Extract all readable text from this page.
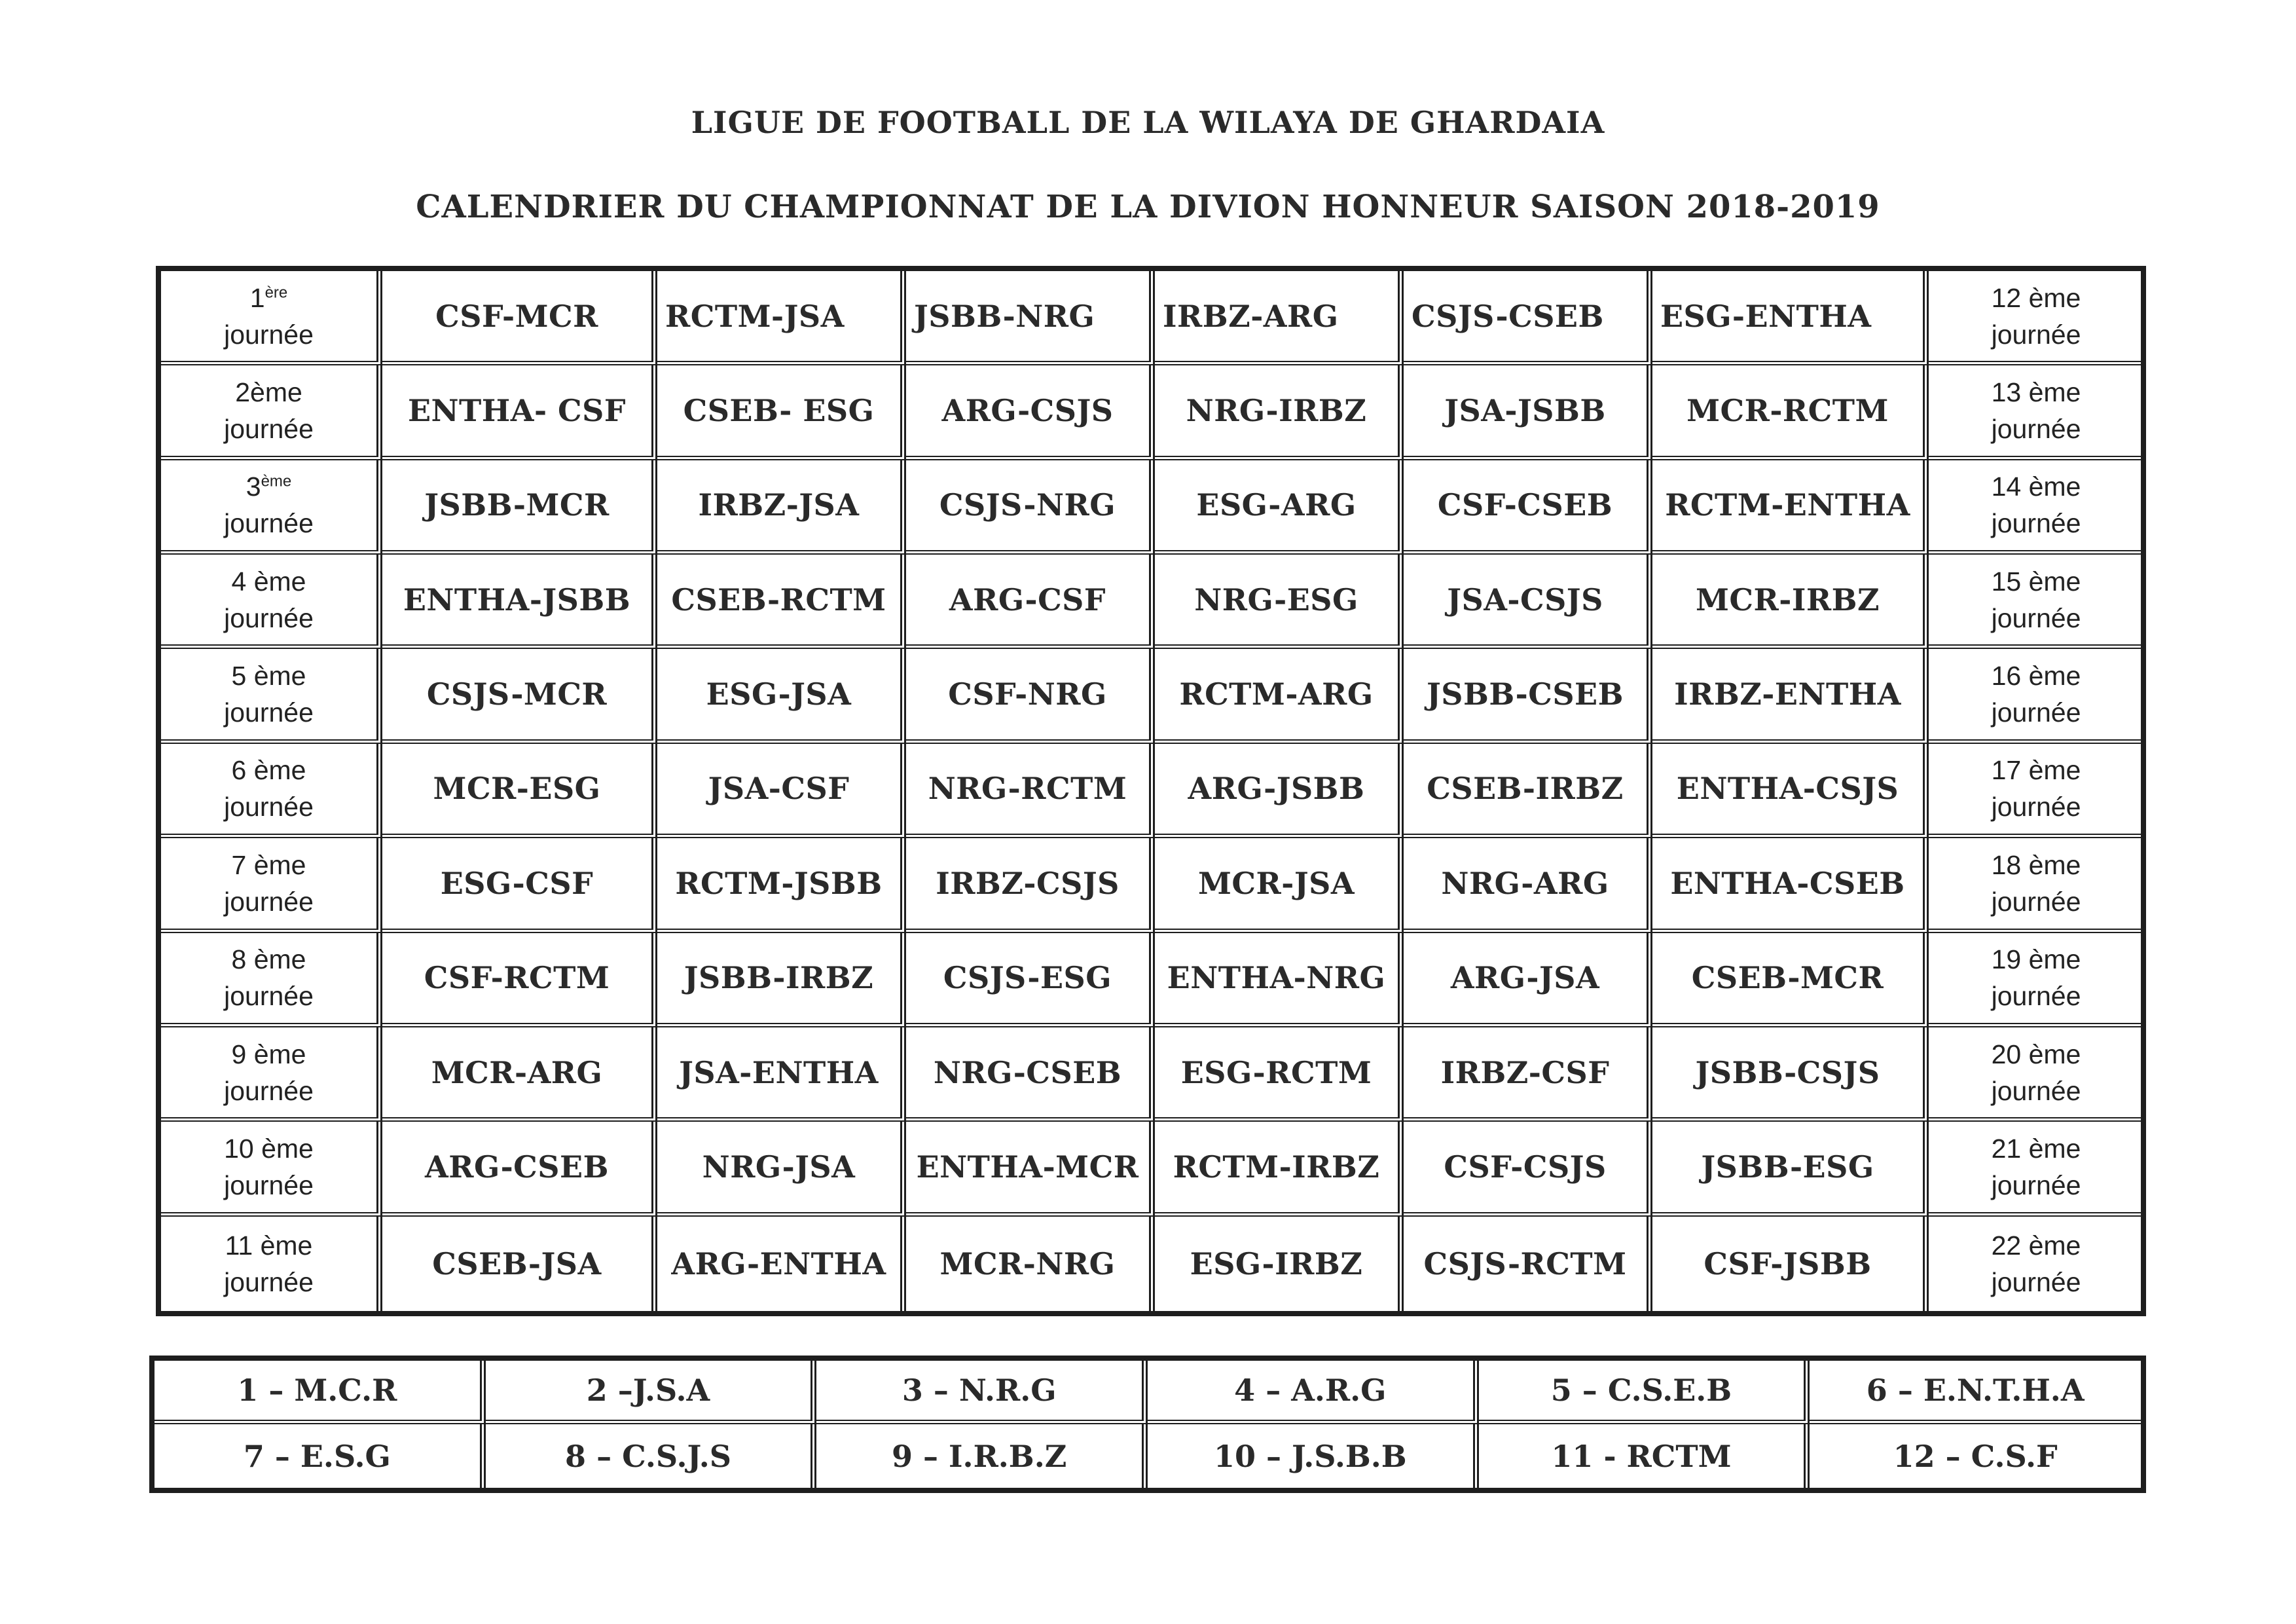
LIGUE DE FOOTBALL DE LA WILAYA DE GHARDAIA
CALENDRIER DU CHAMPIONNAT DE LA DIVION HONNEUR SAISON 2018-2019
1ère
journée
CSF-MCR	RCTM-JSA	JSBB-NRG	IRBZ-ARG	CSJS-CSEB	ESG-ENTHA
12 ème
journée
2ème
journée
ENTHA- CSF	CSEB- ESG	ARG-CSJS	NRG-IRBZ	JSA-JSBB	MCR-RCTM
13 ème
journée
3ème
journée
JSBB-MCR	IRBZ-JSA	CSJS-NRG	ESG-ARG	CSF-CSEB	RCTM-ENTHA
14 ème
journée
4 ème
journée
ENTHA-JSBB	CSEB-RCTM	ARG-CSF	NRG-ESG	JSA-CSJS	MCR-IRBZ
15 ème
journée
5 ème
journée
CSJS-MCR	ESG-JSA	CSF-NRG	RCTM-ARG	JSBB-CSEB	IRBZ-ENTHA
16 ème
journée
6 ème
journée
MCR-ESG	JSA-CSF	NRG-RCTM	ARG-JSBB	CSEB-IRBZ	ENTHA-CSJS
17 ème
journée
7 ème
journée
ESG-CSF	RCTM-JSBB	IRBZ-CSJS	MCR-JSA	NRG-ARG	ENTHA-CSEB
18 ème
journée
8 ème
journée
CSF-RCTM	JSBB-IRBZ	CSJS-ESG	ENTHA-NRG	ARG-JSA	CSEB-MCR
19 ème
journée
9 ème
journée
MCR-ARG	JSA-ENTHA	NRG-CSEB	ESG-RCTM	IRBZ-CSF	JSBB-CSJS
20 ème
journée
10 ème
journée
ARG-CSEB	NRG-JSA	ENTHA-MCR	RCTM-IRBZ	CSF-CSJS	JSBB-ESG
21 ème
journée
11 ème
journée
CSEB-JSA	ARG-ENTHA	MCR-NRG	ESG-IRBZ	CSJS-RCTM	CSF-JSBB
22 ème
journée
1 – M.C.R	2 –J.S.A	3 – N.R.G	4 – A.R.G	5 – C.S.E.B	6 – E.N.T.H.A
7 – E.S.G	8 – C.S.J.S	9 – I.R.B.Z	10 – J.S.B.B	11 - RCTM	12 – C.S.F
